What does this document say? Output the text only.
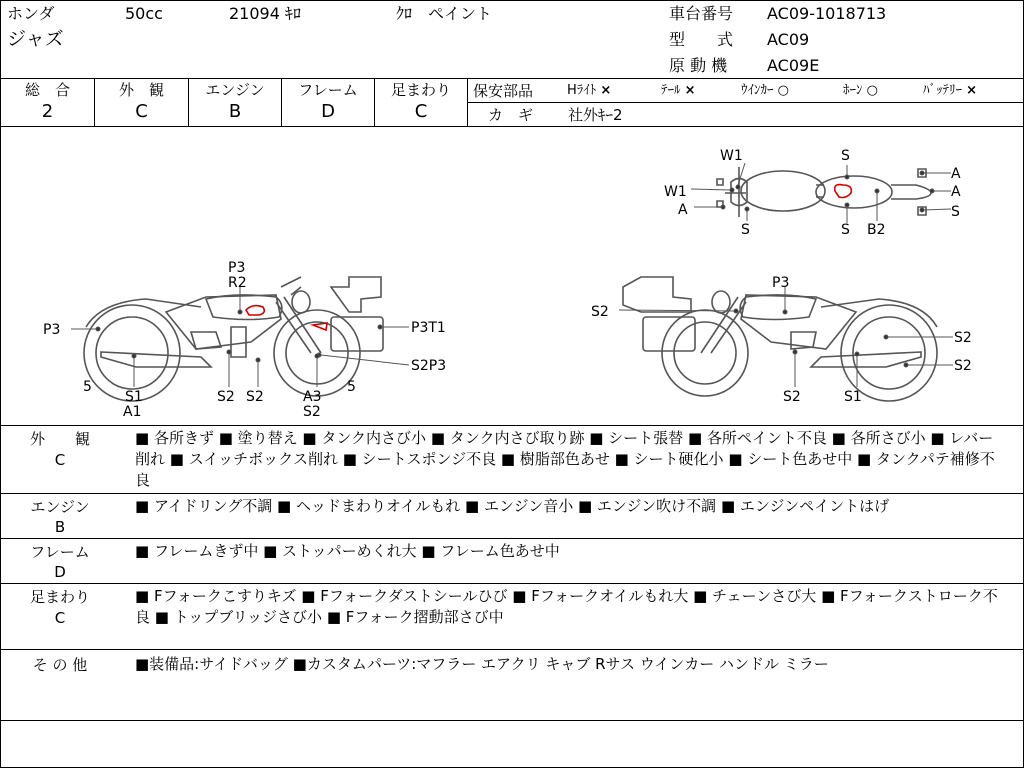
ホンダ	50cc	21094 ｷﾛ	ｸﾛ　ペイント
ジャズ
車台番号 AC09-1018713
型　　式 AC09
原 動 機 AC09E
総　合
2
外　観
C
エンジン
B
フレーム
D
足まわり
C
保安部品	Hﾗｲﾄ ×	ﾃｰﾙ ×	ｳｲﾝｶｰ ○	ﾎｰﾝ ○	ﾊﾞｯﾃﾘｰ ×
カ　ギ 社外ｷｰ2
W1
W1
A
S
S
S B2
A
A
S
P3
R2
P3
P3T1
S2P3
5
S1
A1
S2 S2	A3
S2
5
S2
P3
S2
S2
S2	S1
外　　観
C
■ 各所きず ■ 塗り替え ■ タンク内さび小 ■ タンク内さび取り跡 ■ シート張替 ■ 各所ペイント不良 ■ 各所さび小 ■ レバー削れ ■ スイッチボックス削れ ■ シートスポンジ不良 ■ 樹脂部色あせ ■ シート硬化小 ■ シート色あせ中 ■ タンクパテ補修不良
エンジン
B
■ アイドリング不調 ■ ヘッドまわりオイルもれ ■ エンジン音小 ■ エンジン吹け不調 ■ エンジンペイントはげ
フレーム
D
■ フレームきず中 ■ ストッパーめくれ大 ■ フレーム色あせ中
足まわり
C
■ Fフォークこすりキズ ■ Fフォークダストシールひび ■ Fフォークオイルもれ大 ■ チェーンさび大 ■ Fフォークストローク不良 ■ トップブリッジさび小 ■ Fフォーク摺動部さび中
そ の 他	■装備品:サイドバッグ ■カスタムパーツ:マフラー エアクリ キャブ Rサス ウインカー ハンドル ミラー
